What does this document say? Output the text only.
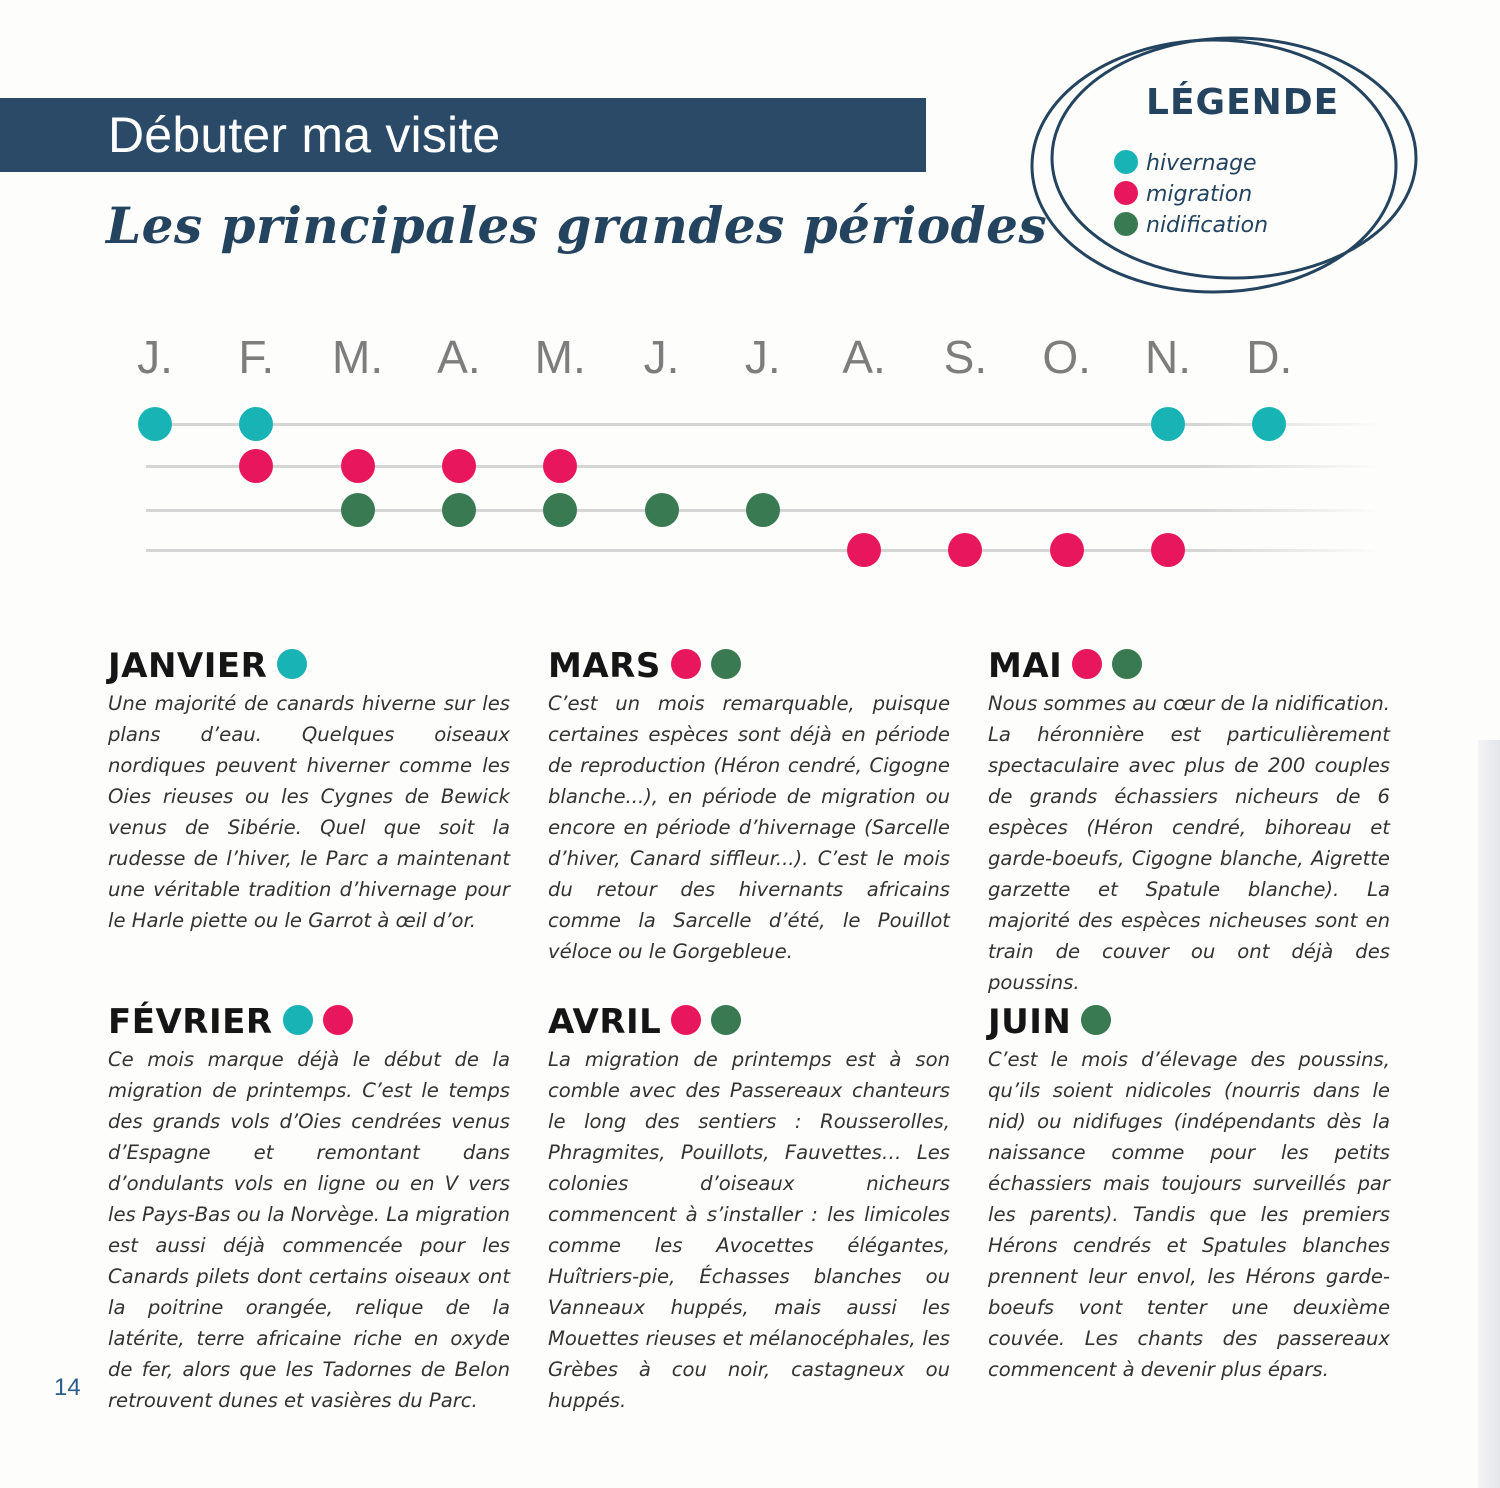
Débuter ma visite
Les principales grandes périodes
LÉGENDE
hivernage
migration
nidification
J.	F.	M.	A.	M.	J.	J.	A.	S.	O.	N.	D.
JANVIER

Une majorité de canards hiverne sur les plans d’eau. Quelques oiseaux nordiques peuvent hiverner comme les Oies rieuses ou les Cygnes de Bewick venus de Sibérie. Quel que soit la rudesse de l’hiver, le Parc a maintenant une véritable tradition d’hivernage pour le Harle piette ou le Garrot à œil d’or.

MARS

C’est un mois remarquable, puisque certaines espèces sont déjà en période de reproduction (Héron cendré, Cigogne blanche...), en période de migration ou encore en période d’hivernage (Sarcelle d’hiver, Canard siffleur...). C’est le mois du retour des hivernants africains comme la Sarcelle d’été, le Pouillot véloce ou le Gorgebleue.

MAI

Nous sommes au cœur de la nidification. La héronnière est particulièrement spectaculaire avec plus de 200 couples de grands échassiers nicheurs de 6 espèces (Héron cendré, bihoreau et garde-boeufs, Cigogne blanche, Aigrette garzette et Spatule blanche). La majorité des espèces nicheuses sont en train de couver ou ont déjà des poussins.

FÉVRIER

Ce mois marque déjà le début de la migration de printemps. C’est le temps des grands vols d’Oies cendrées venus d’Espagne et remontant dans d’ondulants vols en ligne ou en V vers les Pays-Bas ou la Norvège. La migration est aussi déjà commencée pour les Canards pilets dont certains oiseaux ont la poitrine orangée, relique de la latérite, terre africaine riche en oxyde de fer, alors que les Tadornes de Belon retrouvent dunes et vasières du Parc.

AVRIL

La migration de printemps est à son comble avec des Passereaux chanteurs le long des sentiers : Rousserolles, Phragmites, Pouillots, Fauvettes… Les colonies d’oiseaux nicheurs commencent à s’installer : les limicoles comme les Avocettes élégantes, Huîtriers-pie, Échasses blanches ou Vanneaux huppés, mais aussi les Mouettes rieuses et mélanocéphales, les Grèbes à cou noir, castagneux ou huppés.

JUIN

C’est le mois d’élevage des poussins, qu’ils soient nidicoles (nourris dans le nid) ou nidifuges (indépendants dès la naissance comme pour les petits échassiers mais toujours surveillés par les parents). Tandis que les premiers Hérons cendrés et Spatules blanches prennent leur envol, les Hérons garde-boeufs vont tenter une deuxième couvée. Les chants des passereaux commencent à devenir plus épars.

14
